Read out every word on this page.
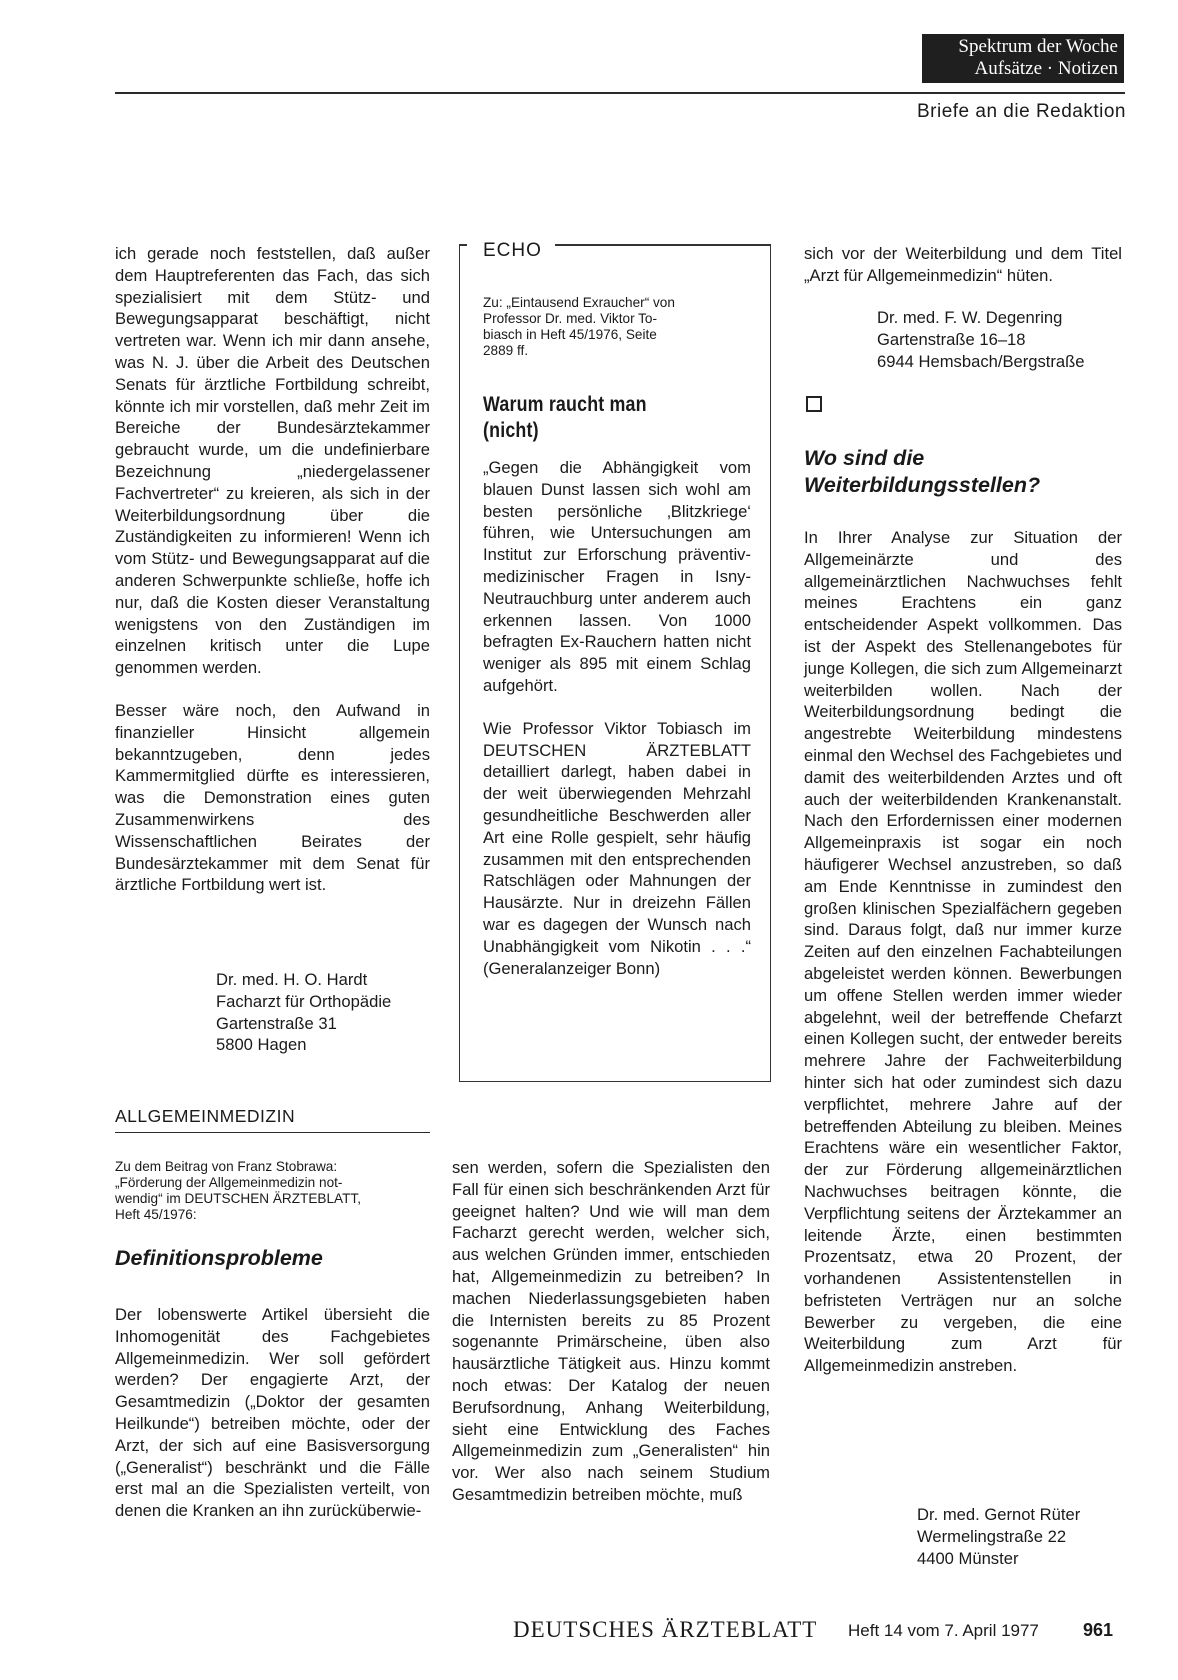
Spektrum der Woche
Aufsätze · Notizen
Briefe an die Redaktion

ich gerade noch feststellen, daß außer dem Hauptreferenten das Fach, das sich spezialisiert mit dem Stütz- und Bewegungsapparat beschäftigt, nicht vertreten war. Wenn ich mir dann ansehe, was N. J. über die Arbeit des Deutschen Senats für ärztliche Fortbildung schreibt, könnte ich mir vorstellen, daß mehr Zeit im Bereiche der Bundesärztekammer gebraucht wurde, um die undefinierbare Bezeichnung „niedergelassener Fachvertreter“ zu kreieren, als sich in der Weiterbildungsordnung über die Zuständigkeiten zu informieren! Wenn ich vom Stütz- und Bewegungsapparat auf die anderen Schwerpunkte schließe, hoffe ich nur, daß die Kosten dieser Veranstaltung wenigstens von den Zuständigen im einzelnen kritisch unter die Lupe genommen werden.

Besser wäre noch, den Aufwand in finanzieller Hinsicht allgemein bekanntzugeben, denn jedes Kammermitglied dürfte es interessieren, was die Demonstration eines guten Zusammenwirkens des Wissenschaftlichen Beirates der Bundesärztekammer mit dem Senat für ärztliche Fortbildung wert ist.

Dr. med. H. O. Hardt
Facharzt für Orthopädie
Gartenstraße 31
5800 Hagen
ALLGEMEINMEDIZIN
Zu dem Beitrag von Franz Stobrawa:
„Förderung der Allgemeinmedizin not-
wendig“ im DEUTSCHEN ÄRZTEBLATT,
Heft 45/1976:
Definitionsprobleme

Der lobenswerte Artikel übersieht die Inhomogenität des Fachgebietes Allgemeinmedizin. Wer soll gefördert werden? Der engagierte Arzt, der Gesamtmedizin („Doktor der gesamten Heilkunde“) betreiben möchte, oder der Arzt, der sich auf eine Basisversorgung („Generalist“) beschränkt und die Fälle erst mal an die Spezialisten verteilt, von denen die Kranken an ihn zurücküberwie-

sen werden, sofern die Spezialisten den Fall für einen sich beschränkenden Arzt für geeignet halten? Und wie will man dem Facharzt gerecht werden, welcher sich, aus welchen Gründen immer, entschieden hat, Allgemeinmedizin zu betreiben? In machen Niederlassungsgebieten haben die Internisten bereits zu 85 Prozent sogenannte Primärscheine, üben also hausärztliche Tätigkeit aus. Hinzu kommt noch etwas: Der Katalog der neuen Berufsordnung, Anhang Weiterbildung, sieht eine Entwicklung des Faches Allgemeinmedizin zum „Generalisten“ hin vor. Wer also nach seinem Studium Gesamtmedizin betreiben möchte, muß

ECHO
Zu: „Eintausend Exraucher“ von
Professor Dr. med. Viktor To-
biasch in Heft 45/1976, Seite
2889 ff.
Warum raucht man
(nicht)

„Gegen die Abhängigkeit vom blauen Dunst lassen sich wohl am besten persönliche ‚Blitzkriege‘ führen, wie Untersuchungen am Institut zur Erforschung präventiv-medizinischer Fragen in Isny-Neutrauchburg unter anderem auch erkennen lassen. Von 1000 befragten Ex-Rauchern hatten nicht weniger als 895 mit einem Schlag aufgehört.

Wie Professor Viktor Tobiasch im DEUTSCHEN ÄRZTEBLATT detailliert darlegt, haben dabei in der weit überwiegenden Mehrzahl gesundheitliche Beschwerden aller Art eine Rolle gespielt, sehr häufig zusammen mit den entsprechenden Ratschlägen oder Mahnungen der Hausärzte. Nur in dreizehn Fällen war es dagegen der Wunsch nach Unabhängigkeit vom Nikotin . . .“ (Generalanzeiger Bonn)

sich vor der Weiterbildung und dem Titel „Arzt für Allgemeinmedizin“ hüten.

Dr. med. F. W. Degenring
Gartenstraße 16–18
6944 Hemsbach/Bergstraße
Wo sind die
Weiterbildungsstellen?

In Ihrer Analyse zur Situation der Allgemeinärzte und des allgemeinärztlichen Nachwuchses fehlt meines Erachtens ein ganz entscheidender Aspekt vollkommen. Das ist der Aspekt des Stellenangebotes für junge Kollegen, die sich zum Allgemeinarzt weiterbilden wollen. Nach der Weiterbildungsordnung bedingt die angestrebte Weiterbildung mindestens einmal den Wechsel des Fachgebietes und damit des weiterbildenden Arztes und oft auch der weiterbildenden Krankenanstalt. Nach den Erfordernissen einer modernen Allgemeinpraxis ist sogar ein noch häufigerer Wechsel anzustreben, so daß am Ende Kenntnisse in zumindest den großen klinischen Spezialfächern gegeben sind. Daraus folgt, daß nur immer kurze Zeiten auf den einzelnen Fachabteilungen abgeleistet werden können. Bewerbungen um offene Stellen werden immer wieder abgelehnt, weil der betreffende Chefarzt einen Kollegen sucht, der entweder bereits mehrere Jahre der Fachweiterbildung hinter sich hat oder zumindest sich dazu verpflichtet, mehrere Jahre auf der betreffenden Abteilung zu bleiben. Meines Erachtens wäre ein wesentlicher Faktor, der zur Förderung allgemeinärztlichen Nachwuchses beitragen könnte, die Verpflichtung seitens der Ärztekammer an leitende Ärzte, einen bestimmten Prozentsatz, etwa 20 Prozent, der vorhandenen Assistentenstellen in befristeten Verträgen nur an solche Bewerber zu vergeben, die eine Weiterbildung zum Arzt für Allgemeinmedizin anstreben.

Dr. med. Gernot Rüter
Wermelingstraße 22
4400 Münster
DEUTSCHES ÄRZTEBLATT Heft 14 vom 7. April 1977 961
